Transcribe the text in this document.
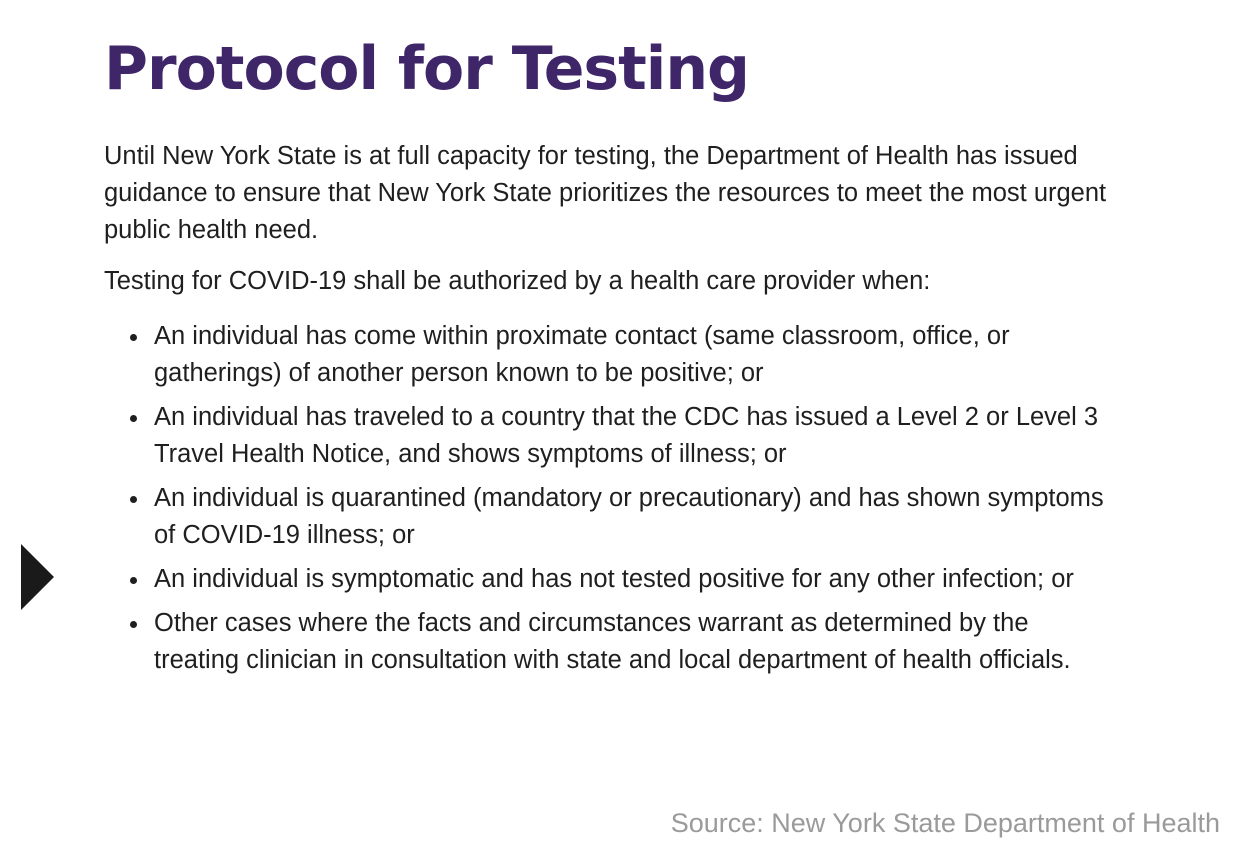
Protocol for Testing

Until New York State is at full capacity for testing, the Department of Health has issued guidance to ensure that New York State prioritizes the resources to meet the most urgent public health need.

Testing for COVID-19 shall be authorized by a health care provider when:

An individual has come within proximate contact (same classroom, office, or gatherings) of another person known to be positive; or
An individual has traveled to a country that the CDC has issued a Level 2 or Level 3 Travel Health Notice, and shows symptoms of illness; or
An individual is quarantined (mandatory or precautionary) and has shown symptoms of COVID-19 illness; or
An individual is symptomatic and has not tested positive for any other infection; or
Other cases where the facts and circumstances warrant as determined by the treating clinician in consultation with state and local department of health officials.
Source: New York State Department of Health
